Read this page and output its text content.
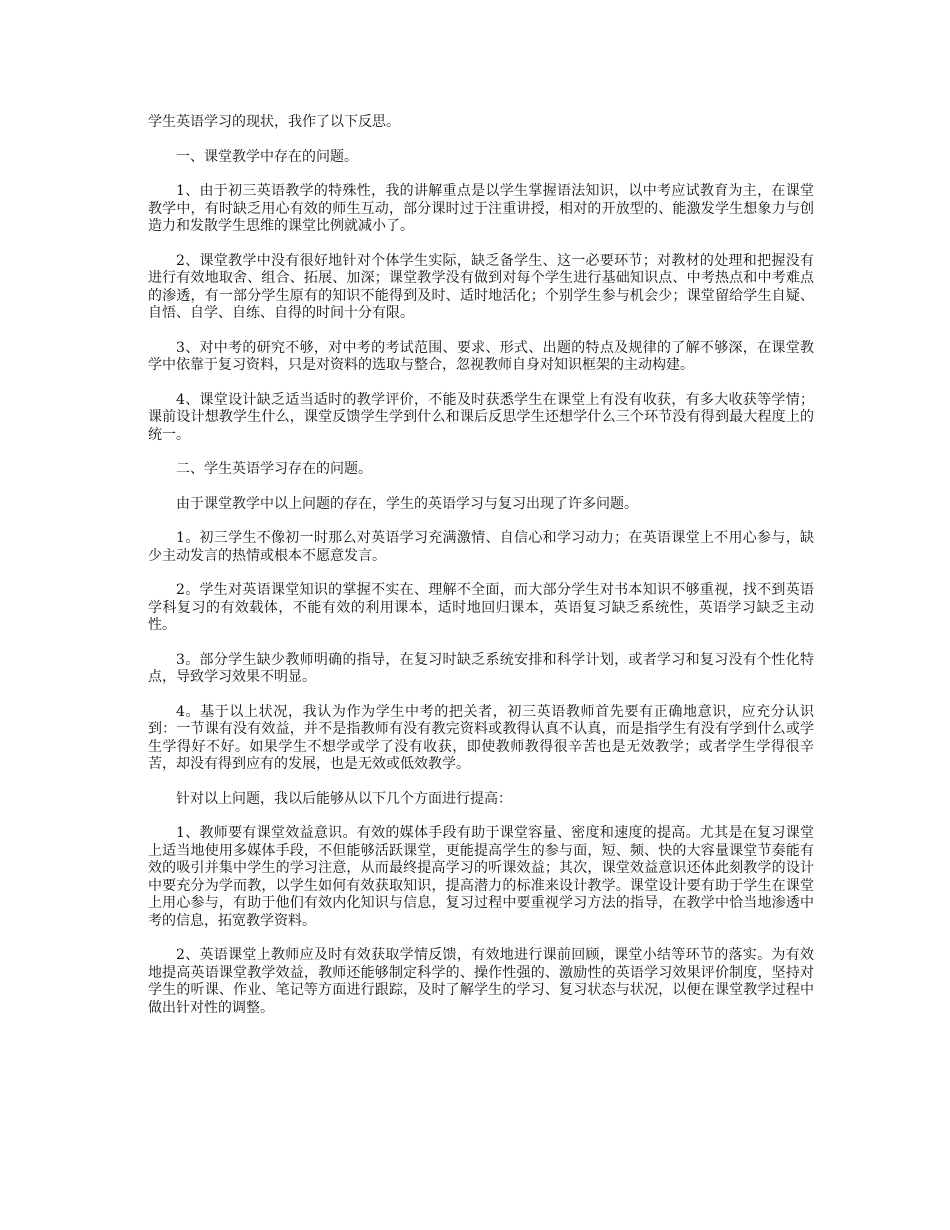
学生英语学习的现状，我作了以下反思。

一、课堂教学中存在的问题。

1、由于初三英语教学的特殊性，我的讲解重点是以学生掌握语法知识，以中考应试教育为主，在课堂教学中，有时缺乏用心有效的师生互动，部分课时过于注重讲授，相对的开放型的、能激发学生想象力与创造力和发散学生思维的课堂比例就减小了。

2、课堂教学中没有很好地针对个体学生实际，缺乏备学生、这一必要环节；对教材的处理和把握没有进行有效地取舍、组合、拓展、加深；课堂教学没有做到对每个学生进行基础知识点、中考热点和中考难点的渗透，有一部分学生原有的知识不能得到及时、适时地活化；个别学生参与机会少；课堂留给学生自疑、自悟、自学、自练、自得的时间十分有限。

3、对中考的研究不够，对中考的考试范围、要求、形式、出题的特点及规律的了解不够深，在课堂教学中依靠于复习资料，只是对资料的选取与整合，忽视教师自身对知识框架的主动构建。

4、课堂设计缺乏适当适时的教学评价，不能及时获悉学生在课堂上有没有收获，有多大收获等学情；课前设计想教学生什么，课堂反馈学生学到什么和课后反思学生还想学什么三个环节没有得到最大程度上的统一。

二、学生英语学习存在的问题。

由于课堂教学中以上问题的存在，学生的英语学习与复习出现了许多问题。

1。初三学生不像初一时那么对英语学习充满激情、自信心和学习动力；在英语课堂上不用心参与，缺少主动发言的热情或根本不愿意发言。

2。学生对英语课堂知识的掌握不实在、理解不全面，而大部分学生对书本知识不够重视，找不到英语学科复习的有效载体，不能有效的利用课本，适时地回归课本，英语复习缺乏系统性，英语学习缺乏主动性。

3。部分学生缺少教师明确的指导，在复习时缺乏系统安排和科学计划，或者学习和复习没有个性化特点，导致学习效果不明显。

4。基于以上状况，我认为作为学生中考的把关者，初三英语教师首先要有正确地意识，应充分认识到：一节课有没有效益，并不是指教师有没有教完资料或教得认真不认真，而是指学生有没有学到什么或学生学得好不好。如果学生不想学或学了没有收获，即使教师教得很辛苦也是无效教学；或者学生学得很辛苦，却没有得到应有的发展，也是无效或低效教学。

针对以上问题，我以后能够从以下几个方面进行提高：

1、教师要有课堂效益意识。有效的媒体手段有助于课堂容量、密度和速度的提高。尤其是在复习课堂上适当地使用多媒体手段，不但能够活跃课堂，更能提高学生的参与面，短、频、快的大容量课堂节奏能有效的吸引并集中学生的学习注意，从而最终提高学习的听课效益；其次，课堂效益意识还体此刻教学的设计中要充分为学而教，以学生如何有效获取知识，提高潜力的标准来设计教学。课堂设计要有助于学生在课堂上用心参与，有助于他们有效内化知识与信息，复习过程中要重视学习方法的指导，在教学中恰当地渗透中考的信息，拓宽教学资料。

2、英语课堂上教师应及时有效获取学情反馈，有效地进行课前回顾，课堂小结等环节的落实。为有效地提高英语课堂教学效益，教师还能够制定科学的、操作性强的、激励性的英语学习效果评价制度，坚持对学生的听课、作业、笔记等方面进行跟踪，及时了解学生的学习、复习状态与状况，以便在课堂教学过程中做出针对性的调整。
